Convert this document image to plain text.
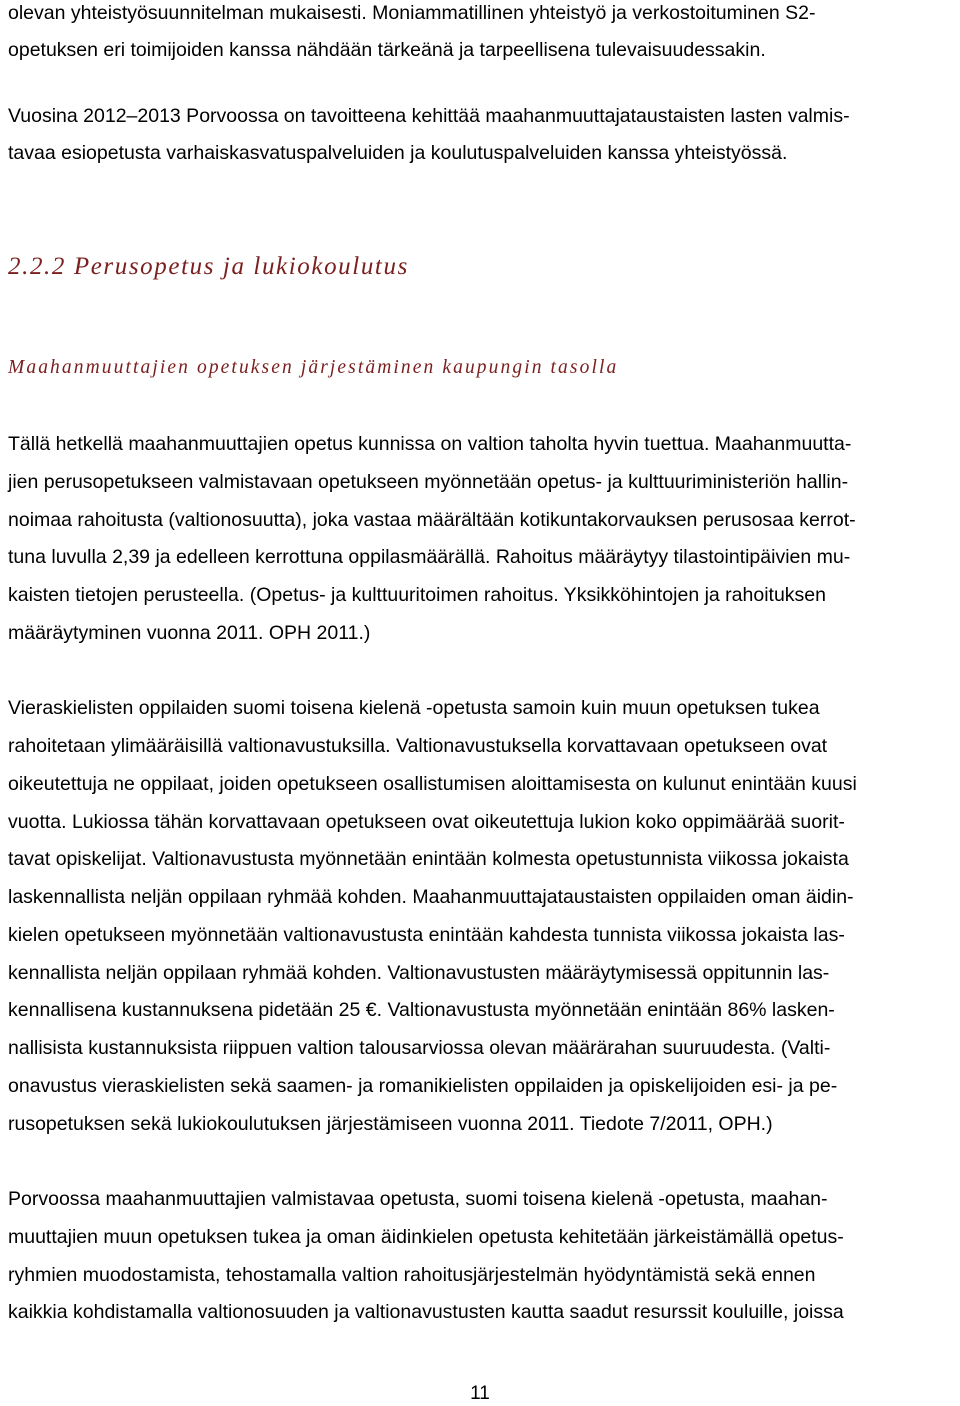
olevan yhteistyösuunnitelman mukaisesti. Moniammatillinen yhteistyö ja verkostoituminen S2-
opetuksen eri toimijoiden kanssa nähdään tärkeänä ja tarpeellisena tulevaisuudessakin.
Vuosina 2012–2013 Porvoossa on tavoitteena kehittää maahanmuuttajataustaisten lasten valmis-
tavaa esiopetusta varhaiskasvatuspalveluiden ja koulutuspalveluiden kanssa yhteistyössä.
2.2.2 Perusopetus ja lukiokoulutus
Maahanmuuttajien opetuksen järjestäminen kaupungin tasolla
Tällä hetkellä maahanmuuttajien opetus kunnissa on valtion taholta hyvin tuettua. Maahanmuutta-
jien perusopetukseen valmistavaan opetukseen myönnetään opetus- ja kulttuuriministeriön hallin-
noimaa rahoitusta (valtionosuutta), joka vastaa määrältään kotikuntakorvauksen perusosaa kerrot-
tuna luvulla 2,39 ja edelleen kerrottuna oppilasmäärällä. Rahoitus määräytyy tilastointipäivien mu-
kaisten tietojen perusteella. (Opetus- ja kulttuuritoimen rahoitus. Yksikköhintojen ja rahoituksen
määräytyminen vuonna 2011. OPH 2011.)
Vieraskielisten oppilaiden suomi toisena kielenä -opetusta samoin kuin muun opetuksen tukea
rahoitetaan ylimääräisillä valtionavustuksilla. Valtionavustuksella korvattavaan opetukseen ovat
oikeutettuja ne oppilaat, joiden opetukseen osallistumisen aloittamisesta on kulunut enintään kuusi
vuotta. Lukiossa tähän korvattavaan opetukseen ovat oikeutettuja lukion koko oppimäärää suorit-
tavat opiskelijat. Valtionavustusta myönnetään enintään kolmesta opetustunnista viikossa jokaista
laskennallista neljän oppilaan ryhmää kohden. Maahanmuuttajataustaisten oppilaiden oman äidin-
kielen opetukseen myönnetään valtionavustusta enintään kahdesta tunnista viikossa jokaista las-
kennallista neljän oppilaan ryhmää kohden. Valtionavustusten määräytymisessä oppitunnin las-
kennallisena kustannuksena pidetään 25 €. Valtionavustusta myönnetään enintään 86% lasken-
nallisista kustannuksista riippuen valtion talousarviossa olevan määrärahan suuruudesta. (Valti-
onavustus vieraskielisten sekä saamen- ja romanikielisten oppilaiden ja opiskelijoiden esi- ja pe-
rusopetuksen sekä lukiokoulutuksen järjestämiseen vuonna 2011. Tiedote 7/2011, OPH.)
Porvoossa maahanmuuttajien valmistavaa opetusta, suomi toisena kielenä -opetusta, maahan-
muuttajien muun opetuksen tukea ja oman äidinkielen opetusta kehitetään järkeistämällä opetus-
ryhmien muodostamista, tehostamalla valtion rahoitusjärjestelmän hyödyntämistä sekä ennen
kaikkia kohdistamalla valtionosuuden ja valtionavustusten kautta saadut resurssit kouluille, joissa
11
